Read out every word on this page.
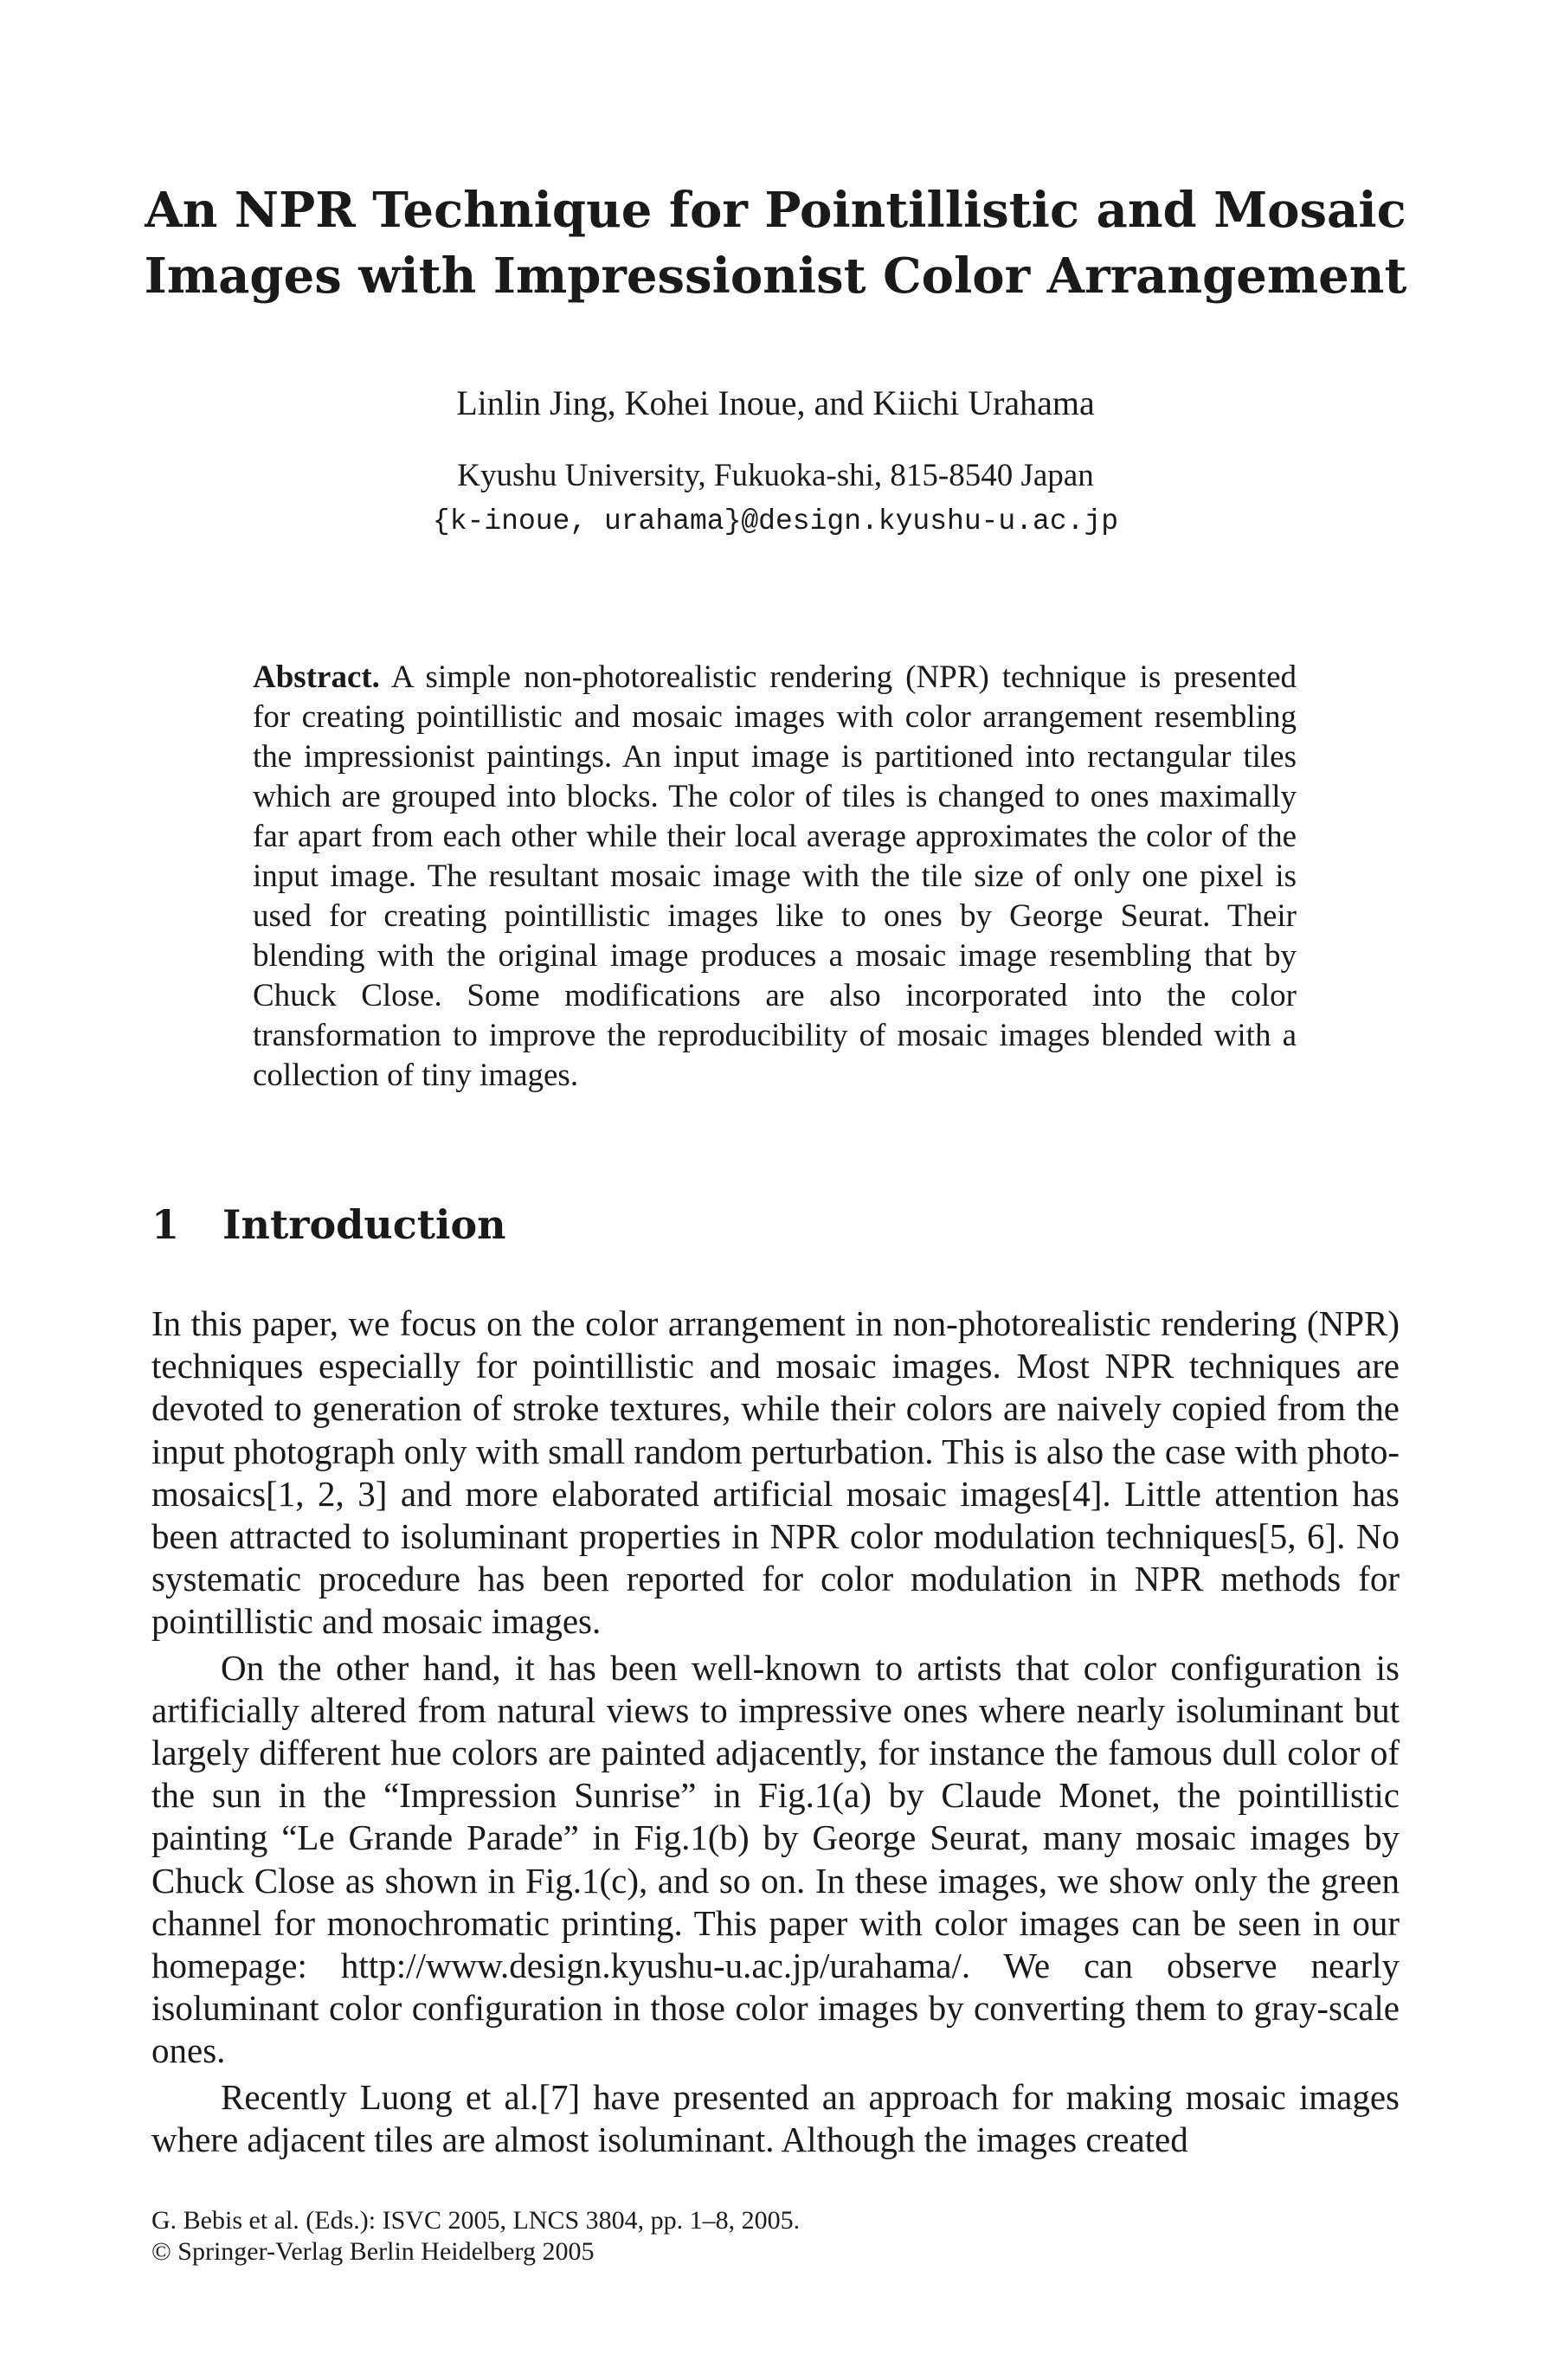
An NPR Technique for Pointillistic and Mosaic
Images with Impressionist Color Arrangement
Linlin Jing, Kohei Inoue, and Kiichi Urahama
Kyushu University, Fukuoka-shi, 815-8540 Japan
{k-inoue, urahama}@design.kyushu-u.ac.jp
Abstract. A simple non-photorealistic rendering (NPR) technique is presented for creating pointillistic and mosaic images with color arrangement resembling the impressionist paintings. An input image is partitioned into rectangular tiles which are grouped into blocks. The color of tiles is changed to ones maximally far apart from each other while their local average approximates the color of the input image. The resultant mosaic image with the tile size of only one pixel is used for creating pointillistic images like to ones by George Seurat. Their blending with the original image produces a mosaic image resembling that by Chuck Close. Some modifications are also incorporated into the color transformation to improve the reproducibility of mosaic images blended with a collection of tiny images.
1 Introduction

In this paper, we focus on the color arrangement in non-photorealistic rendering (NPR) techniques especially for pointillistic and mosaic images. Most NPR techniques are devoted to generation of stroke textures, while their colors are naively copied from the input photograph only with small random perturbation. This is also the case with photo-mosaics[1, 2, 3] and more elaborated artificial mosaic images[4]. Little attention has been attracted to isoluminant properties in NPR color modulation techniques[5, 6]. No systematic procedure has been reported for color modulation in NPR methods for pointillistic and mosaic images.

On the other hand, it has been well-known to artists that color configuration is artificially altered from natural views to impressive ones where nearly isoluminant but largely different hue colors are painted adjacently, for instance the famous dull color of the sun in the “Impression Sunrise” in Fig.1(a) by Claude Monet, the pointillistic painting “Le Grande Parade” in Fig.1(b) by George Seurat, many mosaic images by Chuck Close as shown in Fig.1(c), and so on. In these images, we show only the green channel for monochromatic printing. This paper with color images can be seen in our homepage: http://www.design.kyushu-u.ac.jp/urahama/. We can observe nearly isoluminant color configuration in those color images by converting them to gray-scale ones.

Recently Luong et al.[7] have presented an approach for making mosaic images where adjacent tiles are almost isoluminant. Although the images created

G. Bebis et al. (Eds.): ISVC 2005, LNCS 3804, pp. 1–8, 2005.
© Springer-Verlag Berlin Heidelberg 2005
